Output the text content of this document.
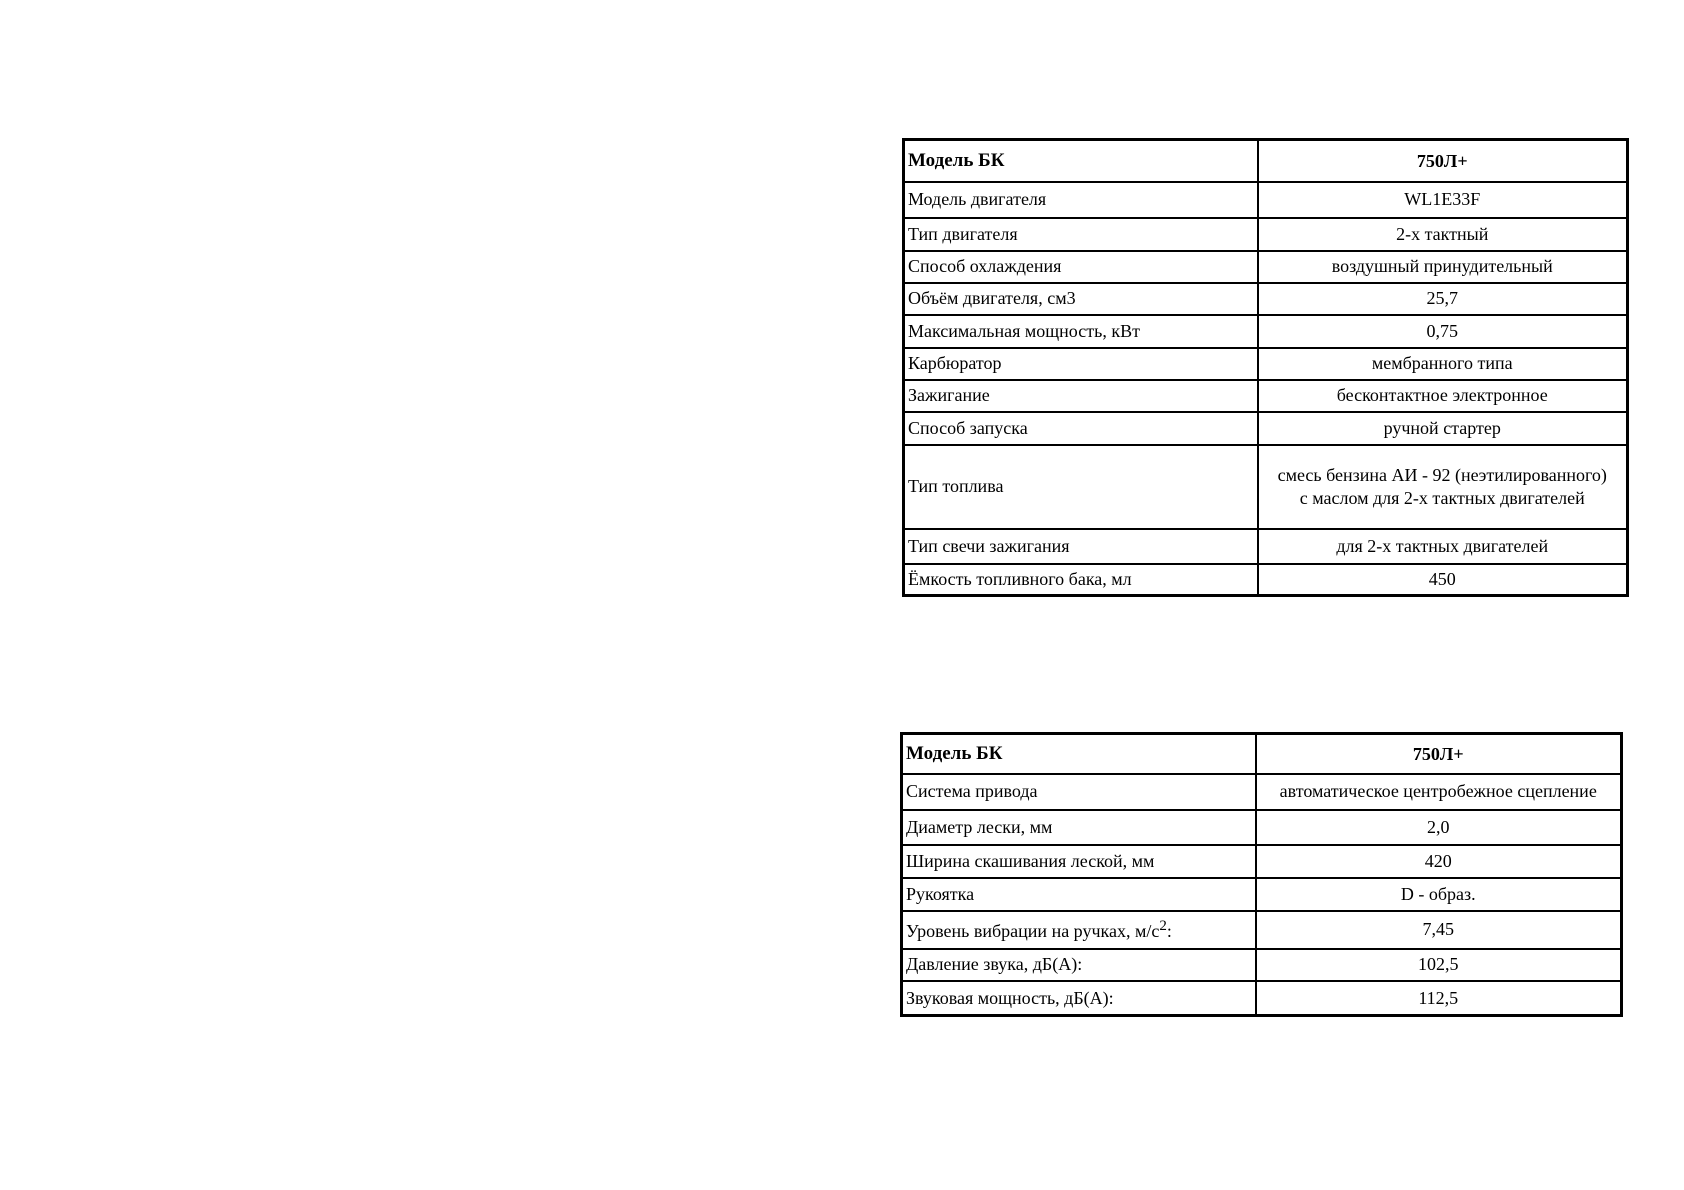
Модель БК	750Л+
Модель двигателя	WL1E33F
Тип двигателя	2-х тактный
Способ охлаждения	воздушный принудительный
Объём двигателя, см3	25,7
Максимальная мощность, кВт	0,75
Карбюратор	мембранного типа
Зажигание	бесконтактное электронное
Способ запуска	ручной стартер
Тип топлива	смесь бензина АИ - 92 (неэтилированного)
с маслом для 2-х тактных двигателей

Тип свечи зажигания	для 2-х тактных двигателей
Ёмкость топливного бака, мл	450
Модель БК	750Л+
Система привода	автоматическое центробежное сцепление
Диаметр лески, мм	2,0
Ширина скашивания леской, мм	420
Рукоятка	D - образ.
Уровень вибрации на ручках, $м/с^2$:	7,45
Давление звука, дБ(А):	102,5
Звуковая мощность, дБ(А):	112,5
